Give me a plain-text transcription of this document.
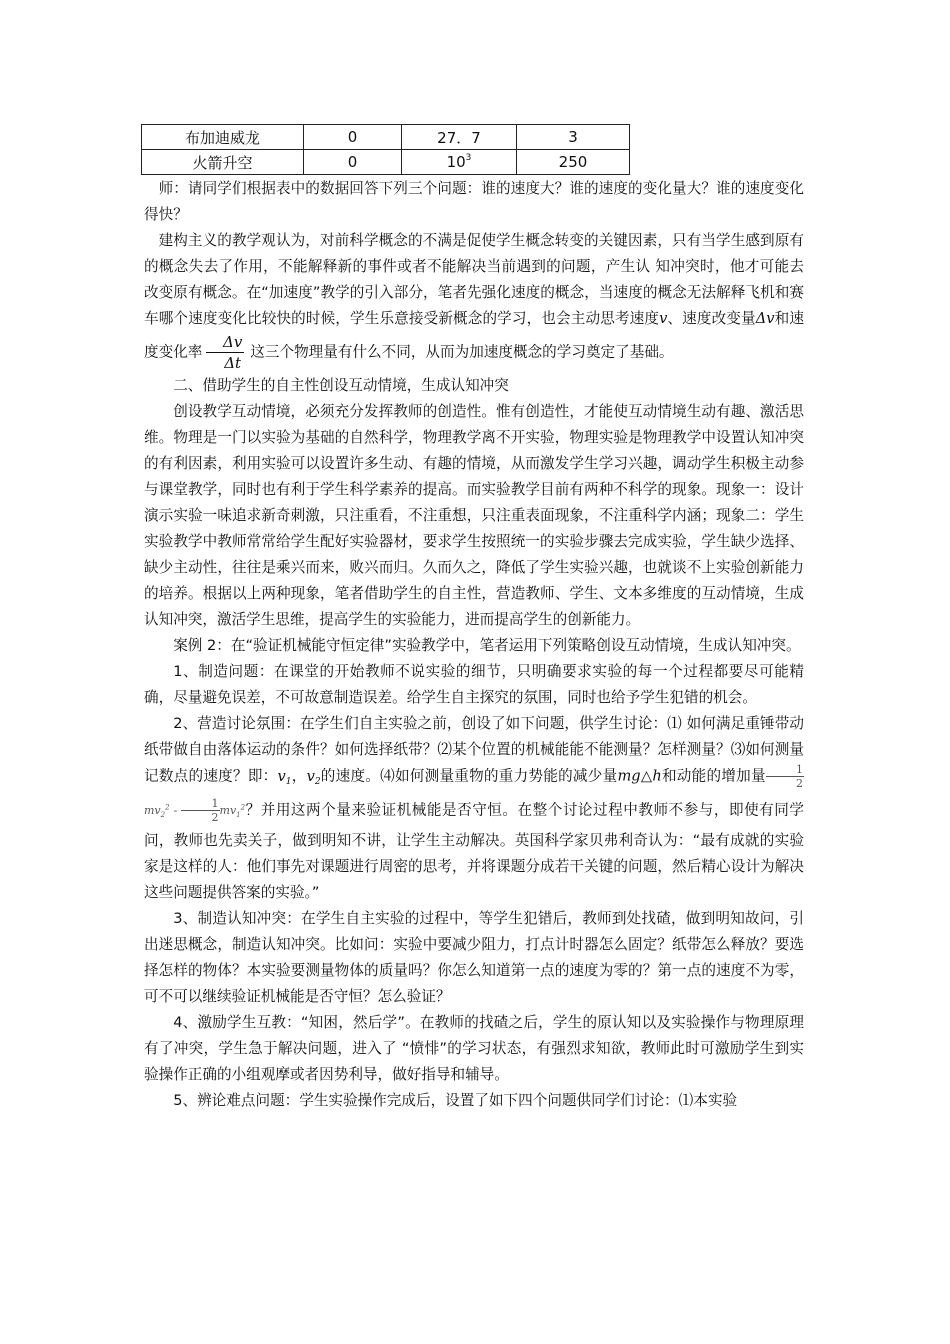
布加迪威龙	0	27．7	3
火箭升空	0	$10^3$	250

师：请同学们根据表中的数据回答下列三个问题：谁的速度大？谁的速度的变化量大？谁的速度变化得快？

建构主义的教学观认为，对前科学概念的不满是促使学生概念转变的关键因素，只有当学生感到原有的概念失去了作用，不能解释新的事件或者不能解决当前遇到的问题，产生认 知冲突时，他才可能去改变原有概念。在“加速度”教学的引入部分，笔者先强化速度的概念，当速度的概念无法解释飞机和赛车哪个速度变化比较快的时候，学生乐意接受新概念的学习，也会主动思考速度v、速度改变量Δv和速度变化率 $\frac{\Delta v}{\Delta t}$ 这三个物理量有什么不同，从而为加速度概念的学习奠定了基础。

二、借助学生的自主性创设互动情境，生成认知冲突

创设教学互动情境，必须充分发挥教师的创造性。惟有创造性，才能使互动情境生动有趣、激活思维。物理是一门以实验为基础的自然科学，物理教学离不开实验，物理实验是物理教学中设置认知冲突的有利因素，利用实验可以设置许多生动、有趣的情境，从而激发学生学习兴趣，调动学生积极主动参与课堂教学，同时也有利于学生科学素养的提高。而实验教学目前有两种不科学的现象。现象一：设计演示实验一味追求新奇刺激，只注重看，不注重想，只注重表面现象，不注重科学内涵；现象二：学生实验教学中教师常常给学生配好实验器材，要求学生按照统一的实验步骤去完成实验，学生缺少选择、缺少主动性，往往是乘兴而来，败兴而归。久而久之，降低了学生实验兴趣，也就谈不上实验创新能力的培养。根据以上两种现象，笔者借助学生的自主性，营造教师、学生、文本多维度的互动情境，生成认知冲突，激活学生思维，提高学生的实验能力，进而提高学生的创新能力。

案例 2：在“验证机械能守恒定律”实验教学中，笔者运用下列策略创设互动情境，生成认知冲突。

1、制造问题：在课堂的开始教师不说实验的细节，只明确要求实验的每一个过程都要尽可能精确，尽量避免误差，不可故意制造误差。给学生自主探究的氛围，同时也给予学生犯错的机会。

2、营造讨论氛围：在学生们自主实验之前，创设了如下问题，供学生讨论：⑴ 如何满足重锤带动纸带做自由落体运动的条件？如何选择纸带？⑵某个位置的机械能能不能测量？怎样测量？⑶如何测量记数点的速度？即：$v_1$，$v_2$的速度。⑷如何测量重物的重力势能的减少量mg△h和动能的增加量 $\frac{1}{2}$
$mv_2^2 - \frac{1}{2} mv_1^2$？并用这两个量来验证机械能是否守恒。在整个讨论过程中教师不参与，即使有同学问，教师也先卖关子，做到明知不讲，让学生主动解决。英国科学家贝弗利奇认为：“最有成就的实验家是这样的人：他们事先对课题进行周密的思考，并将课题分成若干关键的问题，然后精心设计为解决这些问题提供答案的实验。”

3、制造认知冲突：在学生自主实验的过程中，等学生犯错后，教师到处找碴，做到明知故问，引出迷思概念，制造认知冲突。比如问：实验中要减少阻力，打点计时器怎么固定？纸带怎么释放？要选择怎样的物体？本实验要测量物体的质量吗？你怎么知道第一点的速度为零的？第一点的速度不为零，可不可以继续验证机械能是否守恒？怎么验证？

4、激励学生互教：“知困，然后学”。在教师的找碴之后，学生的原认知以及实验操作与物理原理有了冲突，学生急于解决问题，进入了 “愤悱”的学习状态，有强烈求知欲，教师此时可激励学生到实验操作正确的小组观摩或者因势利导，做好指导和辅导。

5、辨论难点问题：学生实验操作完成后，设置了如下四个问题供同学们讨论：⑴本实验
